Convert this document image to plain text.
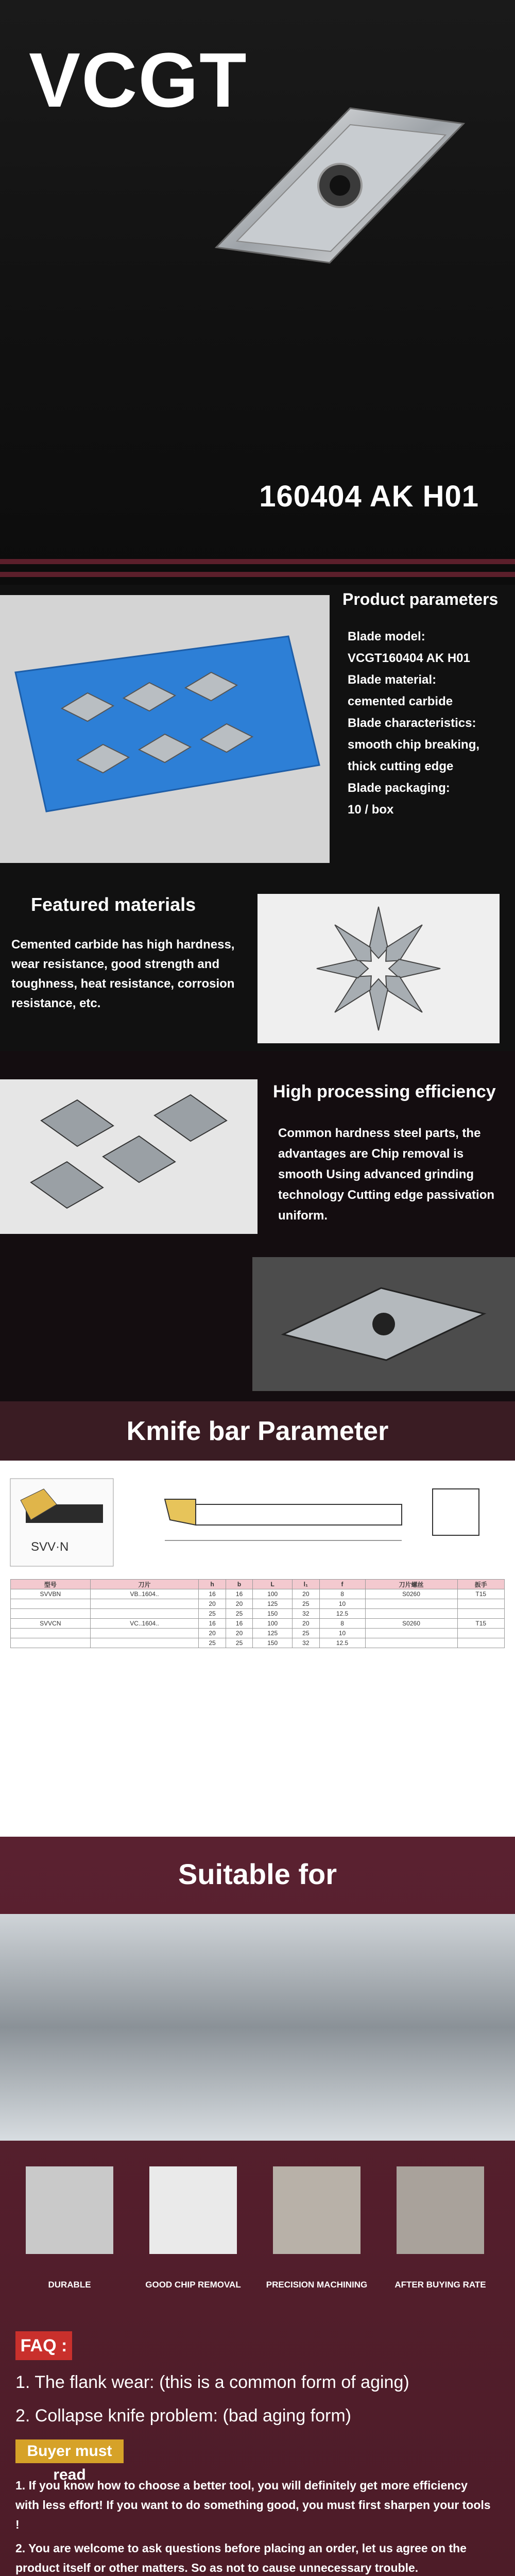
VCGT
160404 AK H01
Product parameters
Blade model:
VCGT160404 AK H01
Blade material:
cemented carbide
Blade characteristics:
smooth chip breaking,
thick cutting edge
Blade packaging:
10 / box
Featured materials
Cemented carbide has high hardness, wear resistance, good strength and toughness, heat resistance, corrosion resistance, etc.
High processing efficiency
Common hardness steel parts, the advantages are Chip removal is smooth Using advanced grinding technology Cutting edge passivation uniform.
Kmife bar Parameter
SVV·N
型号	刀片	h	b	L	l₁	f	刀片螺丝	扳手
SVVBN	VB..1604..	16	16	100	20	8	S0260	T15
		20	20	125	25	10		
		25	25	150	32	12.5		
SVVCN	VC..1604..	16	16	100	20	8	S0260	T15
		20	20	125	25	10		
		25	25	150	32	12.5		
Suitable for
DURABLE	GOOD CHIP REMOVAL	PRECISION MACHINING	AFTER BUYING RATE
FAQ :
1. The flank wear: (this is a common form of aging)
2. Collapse knife problem: (bad aging form)
Buyer must read
1. If you know how to choose a better tool, you will definitely get more efficiency with less effort! If you want to do something good, you must first sharpen your tools !
2. You are welcome to ask questions before placing an order, let us agree on the product itself or other matters. So as not to cause unnecessary trouble.
